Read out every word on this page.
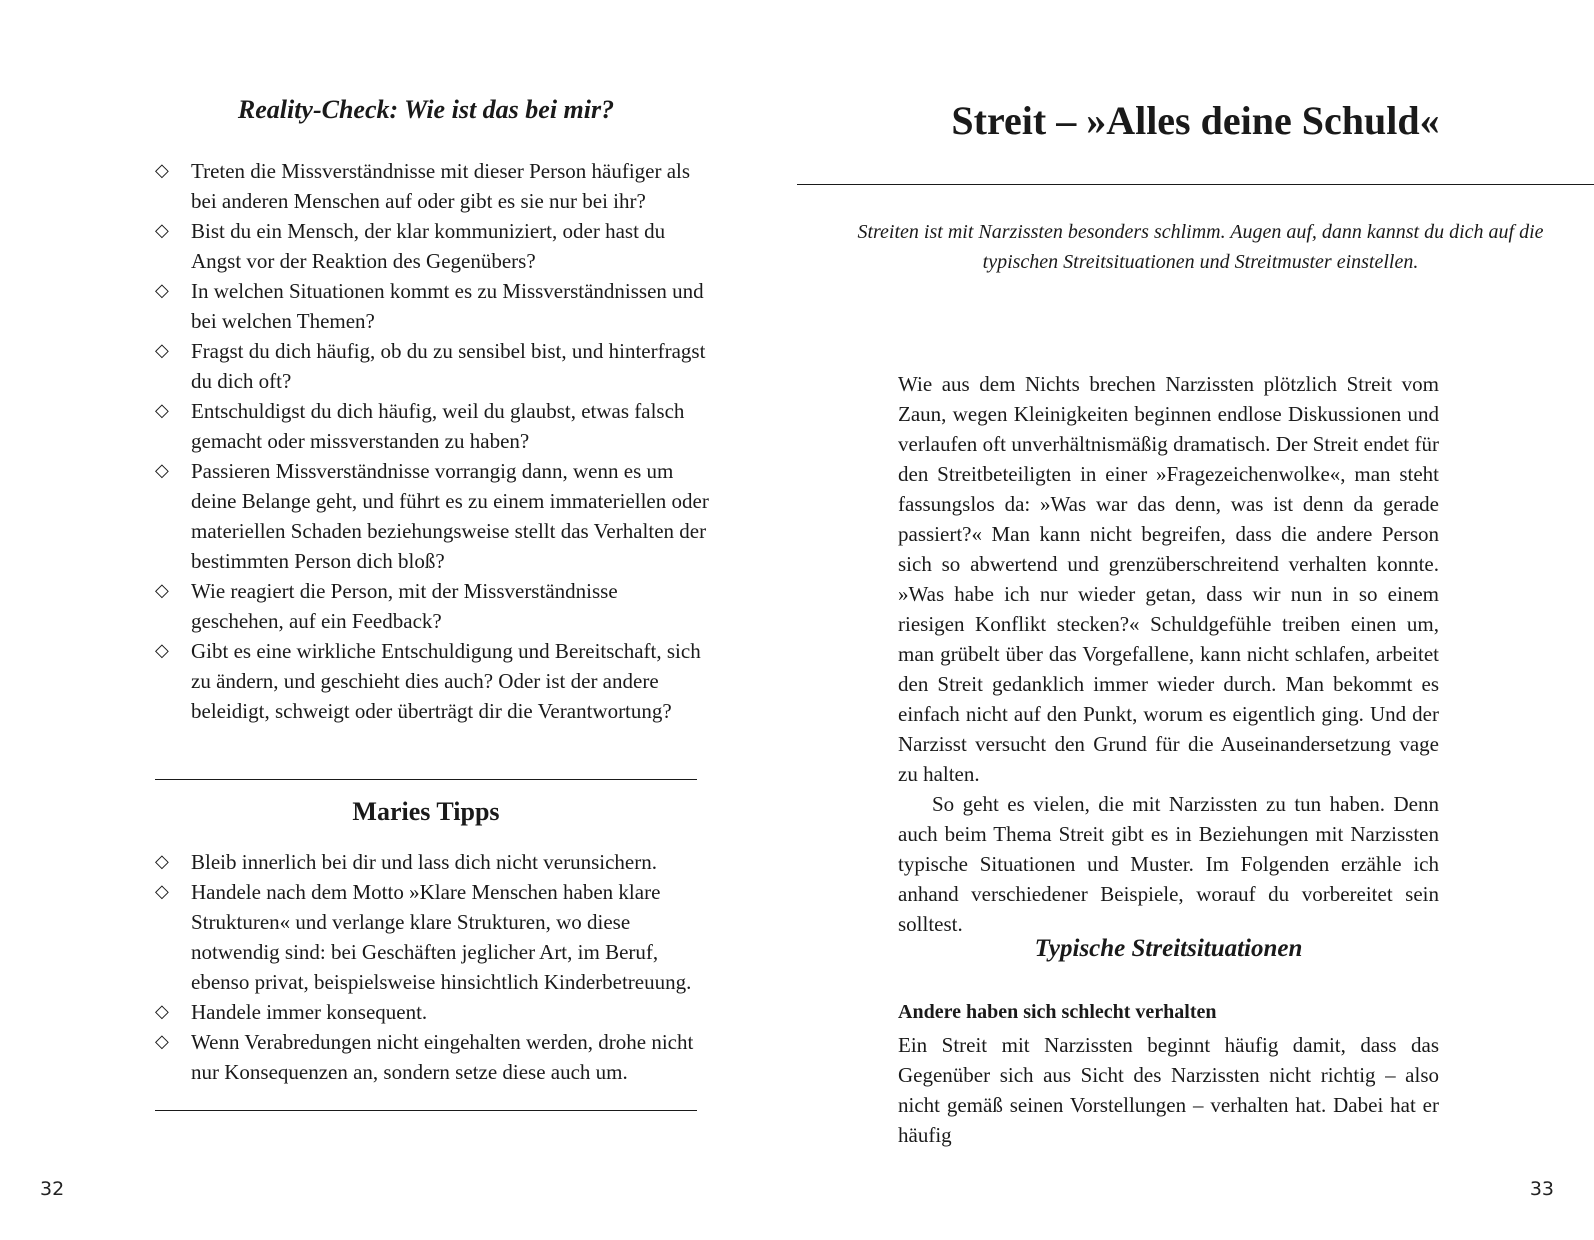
Reality-Check: Wie ist das bei mir?
◇	Treten die Missverständnisse mit dieser Person häufiger als bei anderen Menschen auf oder gibt es sie nur bei ihr?
◇	Bist du ein Mensch, der klar kommuniziert, oder hast du Angst vor der Reaktion des Gegenübers?
◇	In welchen Situationen kommt es zu Missverständnissen und bei welchen Themen?
◇	Fragst du dich häufig, ob du zu sensibel bist, und hinterfragst du dich oft?
◇	Entschuldigst du dich häufig, weil du glaubst, etwas falsch gemacht oder missverstanden zu haben?
◇	Passieren Missverständnisse vorrangig dann, wenn es um deine Belange geht, und führt es zu einem immateriellen oder materiellen Schaden beziehungsweise stellt das Verhalten der bestimmten Person dich bloß?
◇	Wie reagiert die Person, mit der Missverständnisse geschehen, auf ein Feedback?
◇	Gibt es eine wirkliche Entschuldigung und Bereitschaft, sich zu ändern, und geschieht dies auch? Oder ist der andere beleidigt, schweigt oder überträgt dir die Verantwortung?
Maries Tipps
◇	Bleib innerlich bei dir und lass dich nicht verunsichern.
◇	Handele nach dem Motto »Klare Menschen haben klare Strukturen« und verlange klare Strukturen, wo diese notwendig sind: bei Geschäften jeglicher Art, im Beruf, ebenso privat, beispielsweise hinsichtlich Kinderbetreuung.
◇	Handele immer konsequent.
◇	Wenn Verabredungen nicht eingehalten werden, drohe nicht nur Konsequenzen an, sondern setze diese auch um.
32
Streit – »Alles deine Schuld«

Streiten ist mit Narzissten besonders schlimm. Augen auf, dann kannst du dich auf die typischen Streitsituationen und Streitmuster einstellen.

Wie aus dem Nichts brechen Narzissten plötzlich Streit vom Zaun, wegen Kleinigkeiten beginnen endlose Diskussionen und verlaufen oft unverhältnismäßig dramatisch. Der Streit endet für den Streitbeteiligten in einer »Fragezeichenwolke«, man steht fassungslos da: »Was war das denn, was ist denn da gerade passiert?« Man kann nicht begreifen, dass die andere Person sich so abwertend und grenzüberschreitend verhalten konnte. »Was habe ich nur wieder getan, dass wir nun in so einem riesigen Konflikt stecken?« Schuldgefühle treiben einen um, man grübelt über das Vorgefallene, kann nicht schlafen, arbeitet den Streit gedanklich immer wieder durch. Man bekommt es einfach nicht auf den Punkt, worum es eigentlich ging. Und der Narzisst versucht den Grund für die Auseinandersetzung vage zu halten.

So geht es vielen, die mit Narzissten zu tun haben. Denn auch beim Thema Streit gibt es in Beziehungen mit Narzissten typische Situationen und Muster. Im Folgenden erzähle ich anhand verschiedener Beispiele, worauf du vorbereitet sein solltest.

Typische Streitsituationen
Andere haben sich schlecht verhalten

Ein Streit mit Narzissten beginnt häufig damit, dass das Gegenüber sich aus Sicht des Narzissten nicht richtig – also nicht gemäß seinen Vorstellungen – verhalten hat. Dabei hat er häufig

33
